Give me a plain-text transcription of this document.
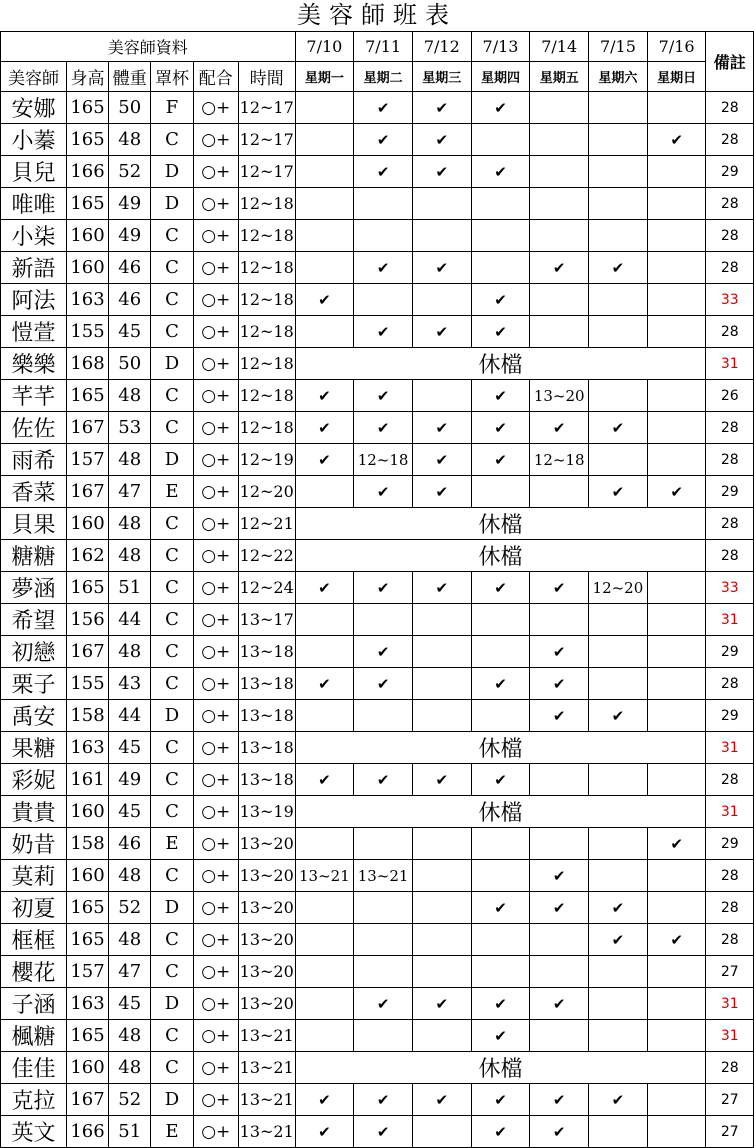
美容師班表
美容師資料						7/10	7/11	7/12	7/13	7/14	7/15	7/16	備註
美容師	身高	體重	罩杯	配合	時間	星期一	星期二	星期三	星期四	星期五	星期六	星期日	
安娜	165	50	F	○+	12~17		✔	✔	✔				28
小蓁	165	48	C	○+	12~17		✔	✔				✔	28
貝兒	166	52	D	○+	12~17		✔	✔	✔				29
唯唯	165	49	D	○+	12~18								28
小柒	160	49	C	○+	12~18								28
新語	160	46	C	○+	12~18		✔	✔		✔	✔		28
阿法	163	46	C	○+	12~18	✔			✔				33
愷萱	155	45	C	○+	12~18		✔	✔	✔				28
樂樂	168	50	D	○+	12~18	休檔							31
芊芊	165	48	C	○+	12~18	✔	✔		✔	13~20			26
佐佐	167	53	C	○+	12~18	✔	✔	✔	✔	✔	✔		28
雨希	157	48	D	○+	12~19	✔	12~18	✔	✔	12~18			28
香菜	167	47	E	○+	12~20		✔	✔			✔	✔	29
貝果	160	48	C	○+	12~21	休檔							28
糖糖	162	48	C	○+	12~22	休檔							28
夢涵	165	51	C	○+	12~24	✔	✔	✔	✔	✔	12~20		33
希望	156	44	C	○+	13~17								31
初戀	167	48	C	○+	13~18		✔			✔			29
栗子	155	43	C	○+	13~18	✔	✔		✔	✔			28
禹安	158	44	D	○+	13~18					✔	✔		29
果糖	163	45	C	○+	13~18	休檔							31
彩妮	161	49	C	○+	13~18	✔	✔	✔	✔				28
貴貴	160	45	C	○+	13~19	休檔							31
奶昔	158	46	E	○+	13~20							✔	29
莫莉	160	48	C	○+	13~20	13~21	13~21			✔			28
初夏	165	52	D	○+	13~20				✔	✔	✔		28
框框	165	48	C	○+	13~20						✔	✔	28
櫻花	157	47	C	○+	13~20								27
子涵	163	45	D	○+	13~20		✔	✔	✔	✔			31
楓糖	165	48	C	○+	13~21				✔				31
佳佳	160	48	C	○+	13~21	休檔							28
克拉	167	52	D	○+	13~21	✔	✔	✔	✔	✔	✔		27
英文	166	51	E	○+	13~21	✔	✔		✔	✔			27
